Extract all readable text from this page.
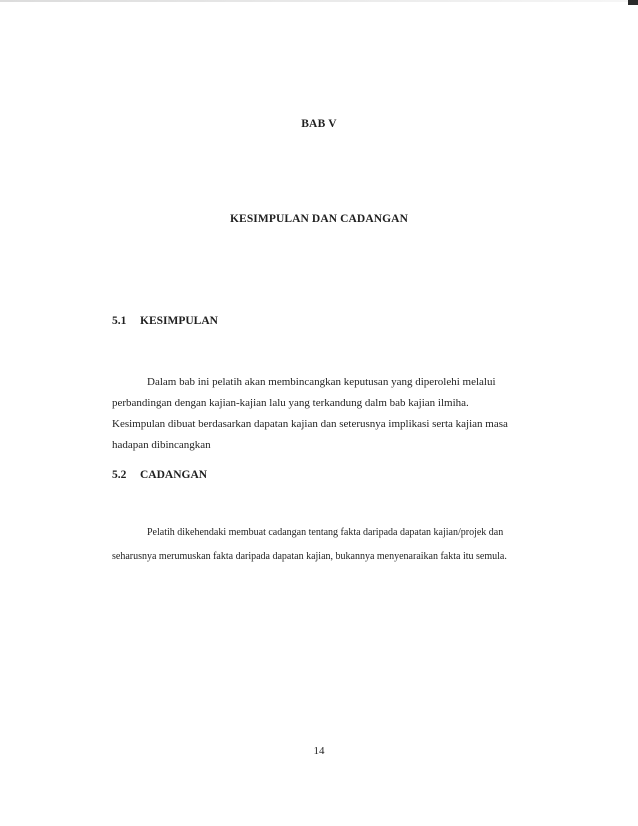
BAB V
KESIMPULAN DAN CADANGAN
5.1 KESIMPULAN

Dalam bab ini pelatih akan membincangkan keputusan yang diperolehi melalui perbandingan dengan kajian-kajian lalu yang terkandung dalm bab kajian ilmiha. Kesimpulan dibuat berdasarkan dapatan kajian dan seterusnya implikasi serta kajian masa hadapan dibincangkan

5.2 CADANGAN

Pelatih dikehendaki membuat cadangan tentang fakta daripada dapatan kajian/projek dan seharusnya merumuskan fakta daripada dapatan kajian, bukannya menyenaraikan fakta itu semula.

14
